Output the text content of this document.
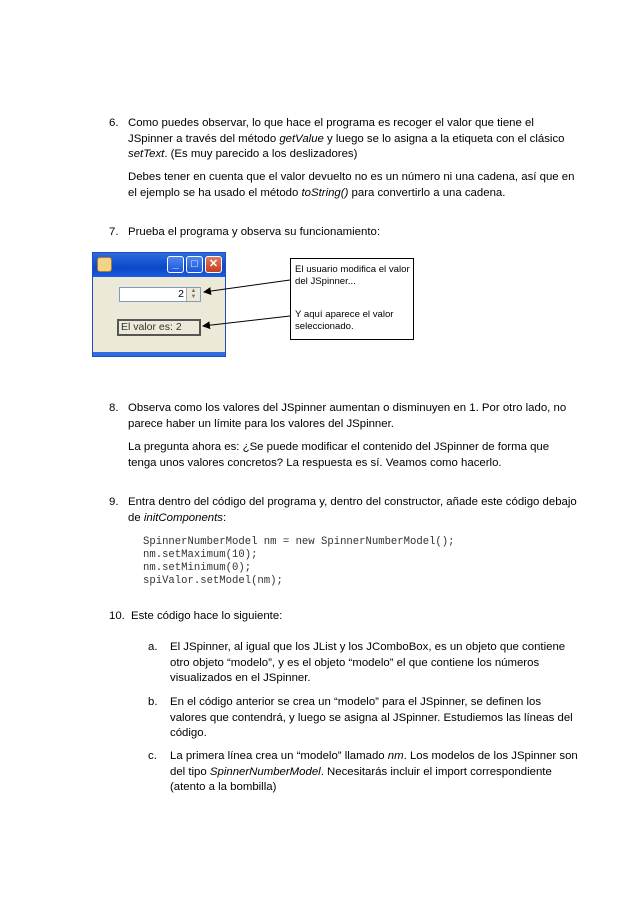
6. Como puedes observar, lo que hace el programa es recoger el valor que tiene el JSpinner a través del método getValue y luego se lo asigna a la etiqueta con el clásico setText. (Es muy parecido a los deslizadores)
Debes tener en cuenta que el valor devuelto no es un número ni una cadena, así que en el ejemplo se ha usado el método toString() para convertirlo a una cadena.
7. Prueba el programa y observa su funcionamiento:
_	□	✕
2	▲
▼
El valor es: 2
El usuario modifica el valor del JSpinner...
Y aquí aparece el valor seleccionado.
8. Observa como los valores del JSpinner aumentan o disminuyen en 1. Por otro lado, no parece haber un límite para los valores del JSpinner.
La pregunta ahora es: ¿Se puede modificar el contenido del JSpinner de forma que tenga unos valores concretos? La respuesta es sí. Veamos como hacerlo.
9. Entra dentro del código del programa y, dentro del constructor, añade este código debajo de initComponents:
SpinnerNumberModel nm = new SpinnerNumberModel();
nm.setMaximum(10);
nm.setMinimum(0);
spiValor.setModel(nm);
10. Este código hace lo siguiente:
a. El JSpinner, al igual que los JList y los JComboBox, es un objeto que contiene otro objeto “modelo”, y es el objeto “modelo” el que contiene los números visualizados en el JSpinner.
b. En el código anterior se crea un “modelo” para el JSpinner, se definen los valores que contendrá, y luego se asigna al JSpinner. Estudiemos las líneas del código.
c. La primera línea crea un “modelo” llamado nm. Los modelos de los JSpinner son del tipo SpinnerNumberModel. Necesitarás incluir el import correspondiente (atento a la bombilla)
